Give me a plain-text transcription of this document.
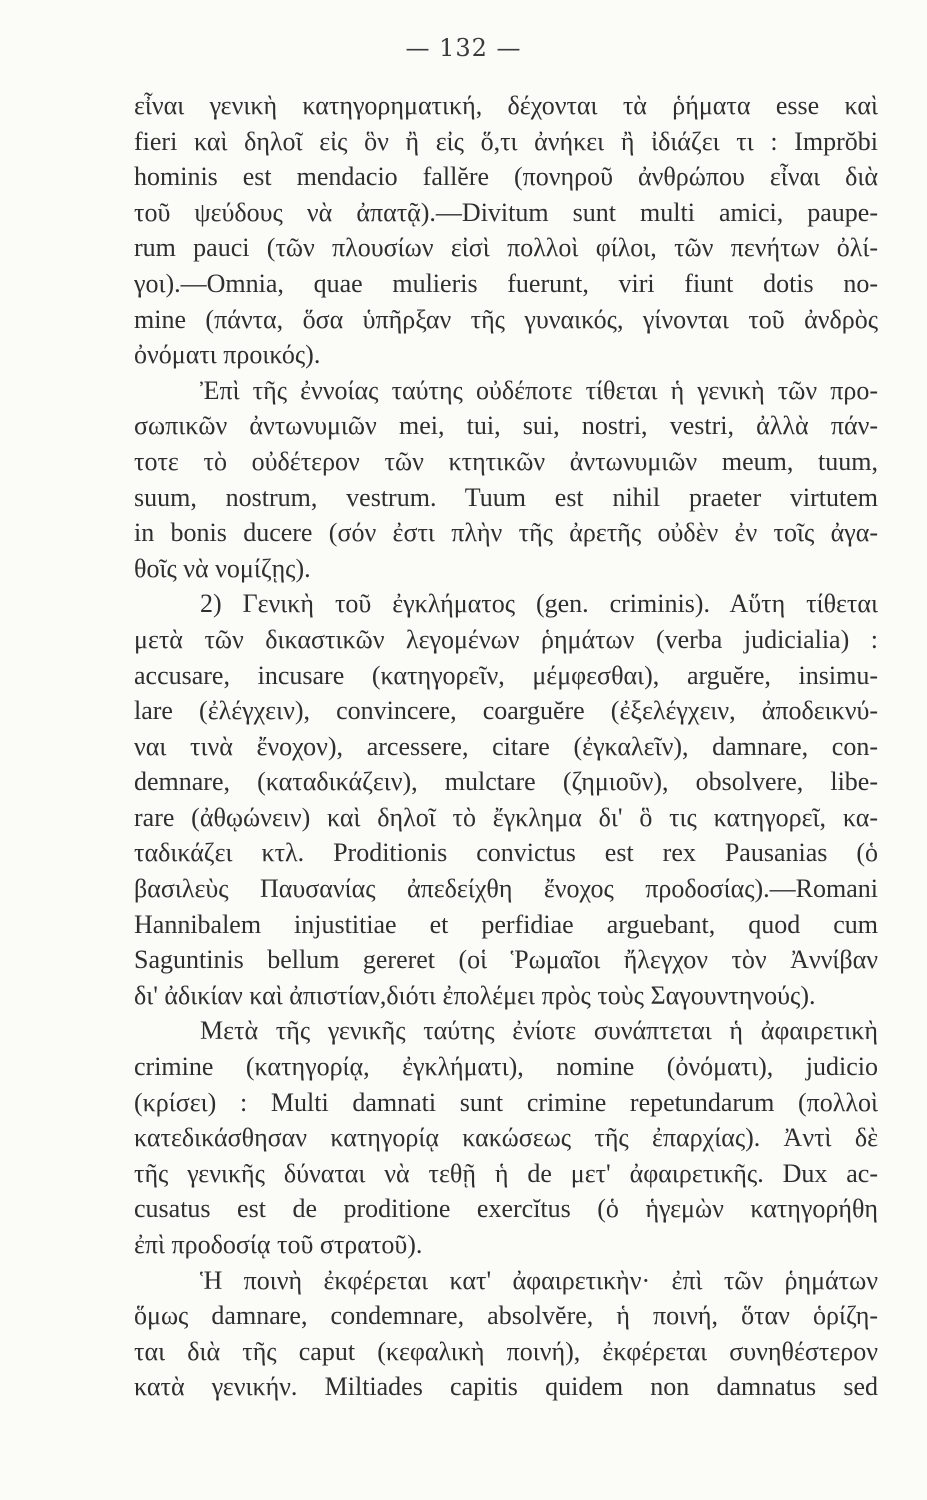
— 132 —
εἶναι γενικὴ κατηγορηματική, δέχονται τὰ ῥήματα esse καὶ
fieri καὶ δηλοῖ εἰς ὃν ἢ εἰς ὅ,τι ἀνήκει ἢ ἰδιάζει τι : Imprŏbi
hominis est mendacio fallĕre (πονηροῦ ἀνθρώπου εἶναι διὰ
τοῦ ψεύδους νὰ ἀπατᾷ).—Divitum sunt multi amici, paupe-
rum pauci (τῶν πλουσίων εἰσὶ πολλοὶ φίλοι, τῶν πενήτων ὀλί-
γοι).—Omnia, quae mulieris fuerunt, viri fiunt dotis no-
mine (πάντα, ὅσα ὑπῆρξαν τῆς γυναικός, γίνονται τοῦ ἀνδρὸς
ὀνόματι προικός).
Ἐπὶ τῆς ἐννοίας ταύτης οὐδέποτε τίθεται ἡ γενικὴ τῶν προ-
σωπικῶν ἀντωνυμιῶν mei, tui, sui, nostri, vestri, ἀλλὰ πάν-
τοτε τὸ οὐδέτερον τῶν κτητικῶν ἀντωνυμιῶν meum, tuum,
suum, nostrum, vestrum. Tuum est nihil praeter virtutem
in bonis ducere (σόν ἐστι πλὴν τῆς ἀρετῆς οὐδὲν ἐν τοῖς ἀγα-
θοῖς νὰ νομίζῃς).
2) Γενικὴ τοῦ ἐγκλήματος (gen. criminis). Αὕτη τίθεται
μετὰ τῶν δικαστικῶν λεγομένων ῥημάτων (verba judicialia) :
accusare, incusare (κατηγορεῖν, μέμφεσθαι), arguĕre, insimu-
lare (ἐλέγχειν), convincere, coarguĕre (ἐξελέγχειν, ἀποδεικνύ-
ναι τινὰ ἔνοχον), arcessere, citare (ἐγκαλεῖν), damnare, con-
demnare, (καταδικάζειν), mulctare (ζημιοῦν), obsolvere, libe-
rare (ἀθῳώνειν) καὶ δηλοῖ τὸ ἔγκλημα δι' ὃ τις κατηγορεῖ, κα-
ταδικάζει κτλ. Proditionis convictus est rex Pausanias (ὁ
βασιλεὺς Παυσανίας ἀπεδείχθη ἔνοχος προδοσίας).—Romani
Hannibalem injustitiae et perfidiae arguebant, quod cum
Saguntinis bellum gereret (οἱ Ῥωμαῖοι ἤλεγχον τὸν Ἀννίβαν
δι' ἀδικίαν καὶ ἀπιστίαν,διότι ἐπολέμει πρὸς τοὺς Σαγουντηνούς).
Μετὰ τῆς γενικῆς ταύτης ἐνίοτε συνάπτεται ἡ ἀφαιρετικὴ
crimine (κατηγορίᾳ, ἐγκλήματι), nomine (ὀνόματι), judicio
(κρίσει) : Multi damnati sunt crimine repetundarum (πολλοὶ
κατεδικάσθησαν κατηγορίᾳ κακώσεως τῆς ἐπαρχίας). Ἀντὶ δὲ
τῆς γενικῆς δύναται νὰ τεθῇ ἡ de μετ' ἀφαιρετικῆς. Dux ac-
cusatus est de proditione exercĭtus (ὁ ἡγεμὼν κατηγορήθη
ἐπὶ προδοσίᾳ τοῦ στρατοῦ).
Ἡ ποινὴ ἐκφέρεται κατ' ἀφαιρετικὴν· ἐπὶ τῶν ῥημάτων
ὅμως damnare, condemnare, absolvĕre, ἡ ποινή, ὅταν ὁρίζη-
ται διὰ τῆς caput (κεφαλικὴ ποινή), ἐκφέρεται συνηθέστερον
κατὰ γενικήν. Miltiades capitis quidem non damnatus sed
